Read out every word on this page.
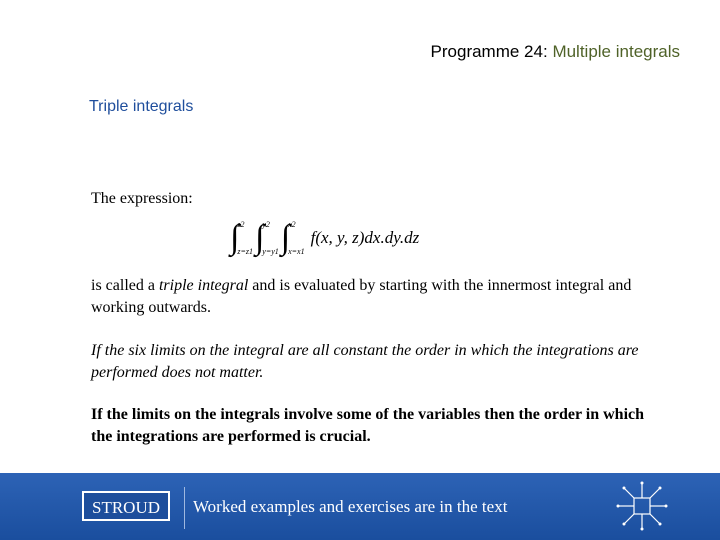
Programme 24: Multiple integrals
Triple integrals
The expression:
∫
z2
z=z1 ∫
y2
y=y1 ∫
x2
x=x1
f(x, y, z)dx.dy.dz
is called a triple integral and is evaluated by starting with the innermost integral and working outwards.
If the six limits on the integral are all constant the order in which the integrations are performed does not matter.
If the limits on the integrals involve some of the variables then the order in which the integrations are performed is crucial.
STROUD	Worked examples and exercises are in the text
